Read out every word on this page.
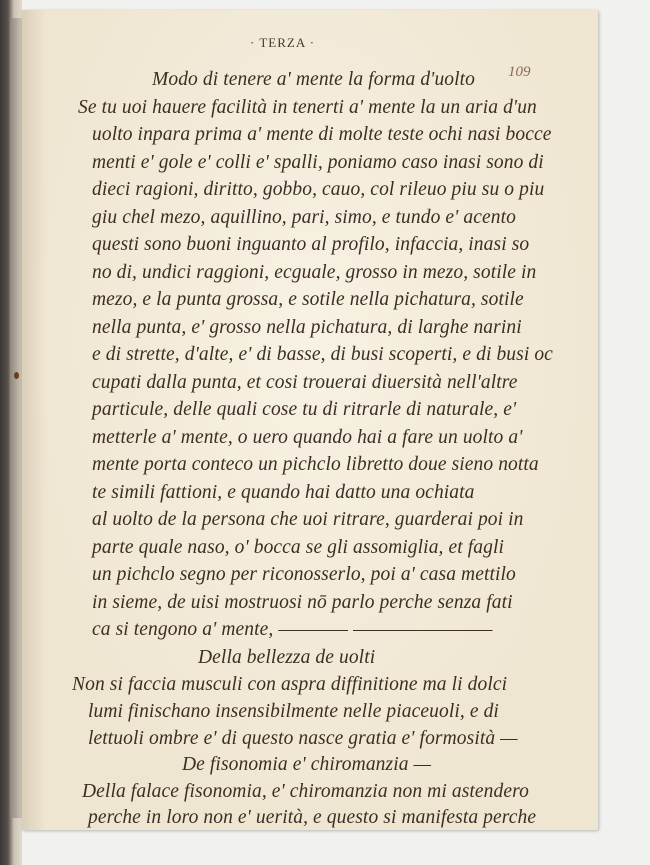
· TERZA ·
109
Modo di tenere a' mente la forma d'uolto
Se tu uoi hauere facilità in tenerti a' mente la un aria d'un
uolto inpara prima a' mente di molte teste ochi nasi bocce
menti e' gole e' colli e' spalli, poniamo caso inasi sono di
dieci ragioni, diritto, gobbo, cauo, col rileuo piu su o piu
giu chel mezo, aquillino, pari, simo, e tundo e' acento
questi sono buoni inguanto al profilo, infaccia, inasi so
no di, undici raggioni, ecguale, grosso in mezo, sotile in
mezo, e la punta grossa, e sotile nella pichatura, sotile
nella punta, e' grosso nella pichatura, di larghe narini
e di strette, d'alte, e' di basse, di busi scoperti, e di busi oc
cupati dalla punta, et cosi trouerai diuersità nell'altre
particule, delle quali cose tu di ritrarle di naturale, e'
metterle a' mente, o uero quando hai a fare un uolto a'
mente porta conteco un pichclo libretto doue sieno notta
te simili fattioni, e quando hai datto una ochiata
al uolto de la persona che uoi ritrare, guarderai poi in
parte quale naso, o' bocca se gli assomiglia, et fagli
un pichclo segno per riconosserlo, poi a' casa mettilo
in sieme, de uisi mostruosi nō parlo perche senza fati
ca si tengono a' mente, ———— ————————
Della bellezza de uolti
Non si faccia musculi con aspra diffinitione ma li dolci
lumi finischano insensibilmente nelle piaceuoli, e di
lettuoli ombre e' di questo nasce gratia e' formosità —
De fisonomia e' chiromanzia —
Della falace fisonomia, e' chiromanzia non mi astendero
perche in loro non e' uerità, e questo si manifesta perche
